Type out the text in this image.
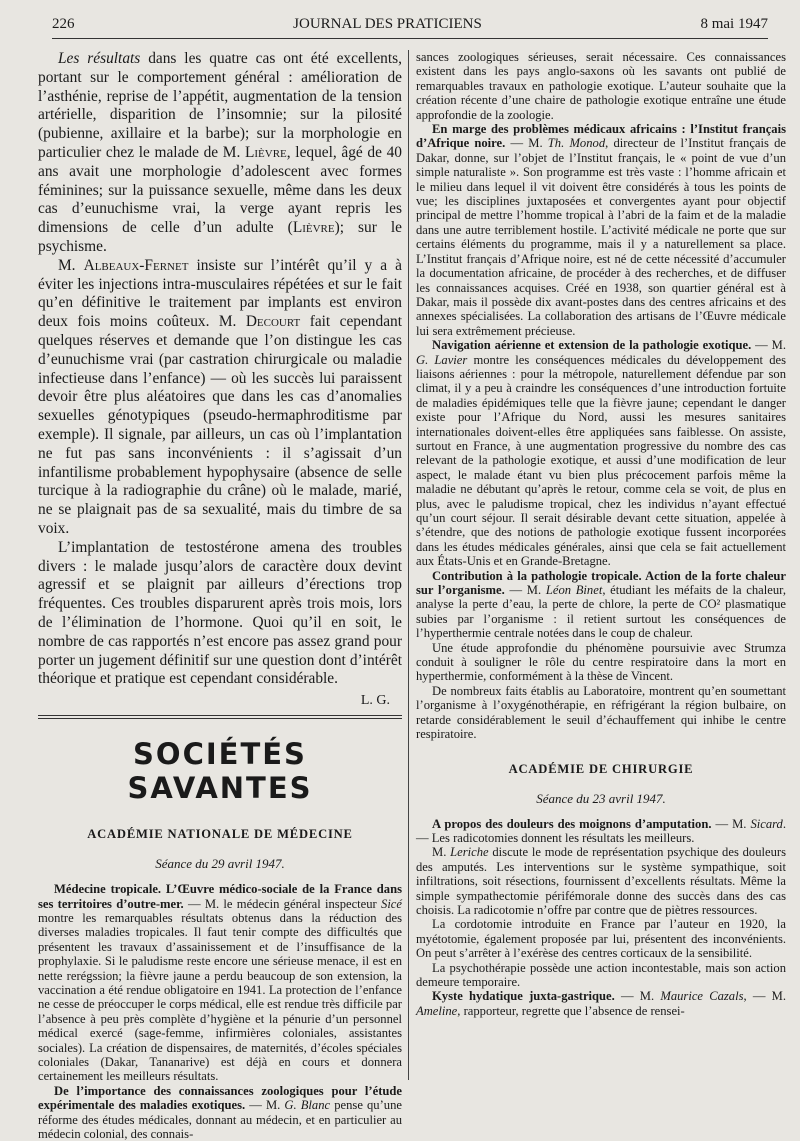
226	JOURNAL DES PRATICIENS	8 mai 1947

Les résultats dans les quatre cas ont été excellents, portant sur le comportement général : amélioration de l’asthénie, reprise de l’appétit, augmentation de la tension artérielle, disparition de l’insomnie; sur la pilosité (pubienne, axillaire et la barbe); sur la morphologie en particulier chez le malade de M. Lièvre, lequel, âgé de 40 ans avait une morphologie d’adolescent avec formes féminines; sur la puissance sexuelle, même dans les deux cas d’eunuchisme vrai, la verge ayant repris les dimensions de celle d’un adulte (Lièvre); sur le psychisme.

M. Albeaux-Fernet insiste sur l’intérêt qu’il y a à éviter les injections intra-musculaires répétées et sur le fait qu’en définitive le traitement par implants est environ deux fois moins coûteux. M. Decourt fait cependant quelques réserves et demande que l’on distingue les cas d’eunuchisme vrai (par castration chirurgicale ou maladie infectieuse dans l’enfance) — où les succès lui paraissent devoir être plus aléatoires que dans les cas d’anomalies sexuelles génotypiques (pseudo-hermaphroditisme par exemple). Il signale, par ailleurs, un cas où l’implantation ne fut pas sans inconvénients : il s’agissait d’un infantilisme probablement hypophysaire (absence de selle turcique à la radiographie du crâne) où le malade, marié, ne se plaignait pas de sa sexualité, mais du timbre de sa voix.

L’implantation de testostérone amena des troubles divers : le malade jusqu’alors de caractère doux devint agressif et se plaignit par ailleurs d’érections trop fréquentes. Ces troubles disparurent après trois mois, lors de l’élimination de l’hormone. Quoi qu’il en soit, le nombre de cas rapportés n’est encore pas assez grand pour porter un jugement définitif sur une question dont d’intérêt théorique et pratique est cependant considérable.

L. G.
SOCIÉTÉS SAVANTES
ACADÉMIE NATIONALE DE MÉDECINE
Séance du 29 avril 1947.

Médecine tropicale. L’Œuvre médico-sociale de la France dans ses territoires d’outre-mer. — M. le médecin général inspecteur Sicé montre les remarquables résultats obtenus dans la réduction des diverses maladies tropicales. Il faut tenir compte des difficultés que présentent les travaux d’assainissement et de l’insuffisance de la prophylaxie. Si le paludisme reste encore une sérieuse menace, il est en nette rerégssion; la fièvre jaune a perdu beaucoup de son extension, la vaccination a été rendue obligatoire en 1941. La protection de l’enfance ne cesse de préoccuper le corps médical, elle est rendue très difficile par l’absence à peu près complète d’hygiène et la pénurie d’un personnel médical exercé (sage-femme, infirmières coloniales, assistantes sociales). La création de dispensaires, de maternités, d’écoles spéciales coloniales (Dakar, Tananarive) est déjà en cours et donnera certainement les meilleurs résultats.

De l’importance des connaissances zoologiques pour l’étude expérimentale des maladies exotiques. — M. G. Blanc pense qu’une réforme des études médicales, donnant au médecin, et en particulier au médecin colonial, des connais-

sances zoologiques sérieuses, serait nécessaire. Ces connaissances existent dans les pays anglo-saxons où les savants ont publié de remarquables travaux en pathologie exotique. L’auteur souhaite que la création récente d’une chaire de pathologie exotique entraîne une étude approfondie de la zoologie.

En marge des problèmes médicaux africains : l’Institut français d’Afrique noire. — M. Th. Monod, directeur de l’Institut français de Dakar, donne, sur l’objet de l’Institut français, le « point de vue d’un simple naturaliste ». Son programme est très vaste : l’homme africain et le milieu dans lequel il vit doivent être considérés à tous les points de vue; les disciplines juxtaposées et convergentes ayant pour objectif principal de mettre l’homme tropical à l’abri de la faim et de la maladie dans une autre terriblement hostile. L’activité médicale ne porte que sur certains éléments du programme, mais il y a naturellement sa place. L’Institut français d’Afrique noire, est né de cette nécessité d’accumuler la documentation africaine, de procéder à des recherches, et de diffuser les connaissances acquises. Créé en 1938, son quartier général est à Dakar, mais il possède dix avant-postes dans des centres africains et des annexes spécialisées. La collaboration des artisans de l’Œuvre médicale lui sera extrêmement précieuse.

Navigation aérienne et extension de la pathologie exotique. — M. G. Lavier montre les conséquences médicales du développement des liaisons aériennes : pour la métropole, naturellement défendue par son climat, il y a peu à craindre les conséquences d’une introduction fortuite de maladies épidémiques telle que la fièvre jaune; cependant le danger existe pour l’Afrique du Nord, aussi les mesures sanitaires internationales doivent-elles être appliquées sans faiblesse. On assiste, surtout en France, à une augmentation progressive du nombre des cas relevant de la pathologie exotique, et aussi d’une modification de leur aspect, le malade étant vu bien plus précocement parfois même la maladie ne débutant qu’après le retour, comme cela se voit, de plus en plus, avec le paludisme tropical, chez les individus n’ayant effectué qu’un court séjour. Il serait désirable devant cette situation, appelée à s’étendre, que des notions de pathologie exotique fussent incorporées dans les études médicales générales, ainsi que cela se fait actuellement aux États-Unis et en Grande-Bretagne.

Contribution à la pathologie tropicale. Action de la forte chaleur sur l’organisme. — M. Léon Binet, étudiant les méfaits de la chaleur, analyse la perte d’eau, la perte de chlore, la perte de CO² plasmatique subies par l’organisme : il retient surtout les conséquences de l’hyperthermie centrale notées dans le coup de chaleur.

Une étude approfondie du phénomène poursuivie avec Strumza conduit à souligner le rôle du centre respiratoire dans la mort en hyperthermie, conformément à la thèse de Vincent.

De nombreux faits établis au Laboratoire, montrent qu’en soumettant l’organisme à l’oxygénothérapie, en réfrigérant la région bulbaire, on retarde considérablement le seuil d’échauffement qui inhibe le centre respiratoire.

ACADÉMIE DE CHIRURGIE
Séance du 23 avril 1947.

A propos des douleurs des moignons d’amputation. — M. Sicard. — Les radicotomies donnent les résultats les meilleurs.

M. Leriche discute le mode de représentation psychique des douleurs des amputés. Les interventions sur le système sympathique, soit infiltrations, soit résections, fournissent d’excellents résultats. Même la simple sympathectomie périfémorale donne des succès dans des cas choisis. La radicotomie n’offre par contre que de piètres ressources.

La cordotomie introduite en France par l’auteur en 1920, la myétotomie, également proposée par lui, présentent des inconvénients. On peut s’arrêter à l’exérèse des centres corticaux de la sensibilité.

La psychothérapie possède une action incontestable, mais son action demeure temporaire.

Kyste hydatique juxta-gastrique. — M. Maurice Cazals, — M. Ameline, rapporteur, regrette que l’absence de rensei-
